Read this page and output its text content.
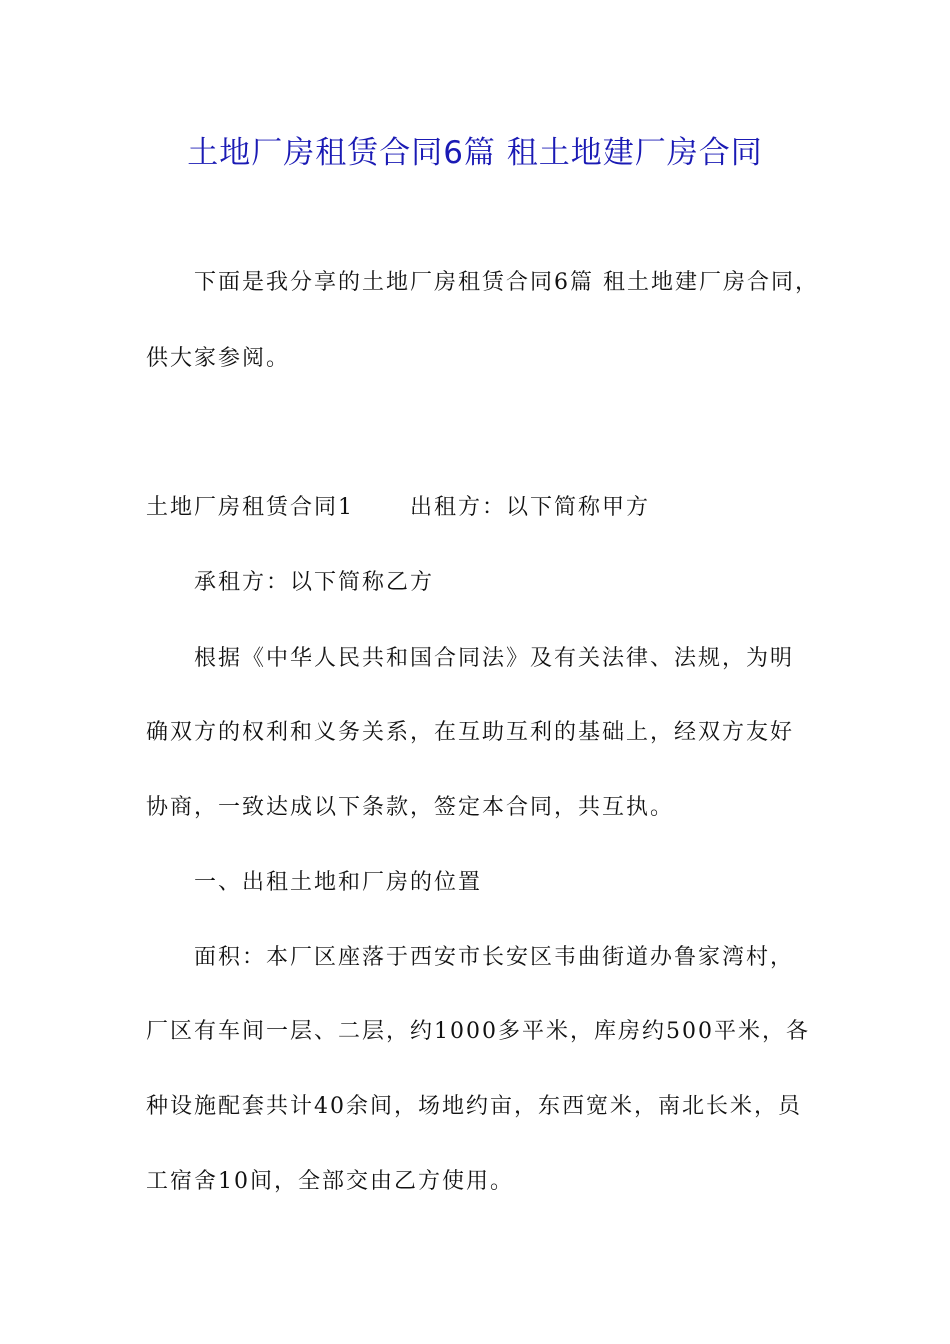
土地厂房租赁合同6篇 租土地建厂房合同
下面是我分享的土地厂房租赁合同6篇 租土地建厂房合同，
供大家参阅。
土地厂房租赁合同1	出租方：以下简称甲方
承租方：以下简称乙方
根据《中华人民共和国合同法》及有关法律、法规，为明
确双方的权利和义务关系，在互助互利的基础上，经双方友好
协商，一致达成以下条款，签定本合同，共互执。
一、出租土地和厂房的位置
面积：本厂区座落于西安市长安区韦曲街道办鲁家湾村，
厂区有车间一层、二层，约1000多平米，库房约500平米，各
种设施配套共计40余间，场地约亩，东西宽米，南北长米，员
工宿舍10间，全部交由乙方使用。
